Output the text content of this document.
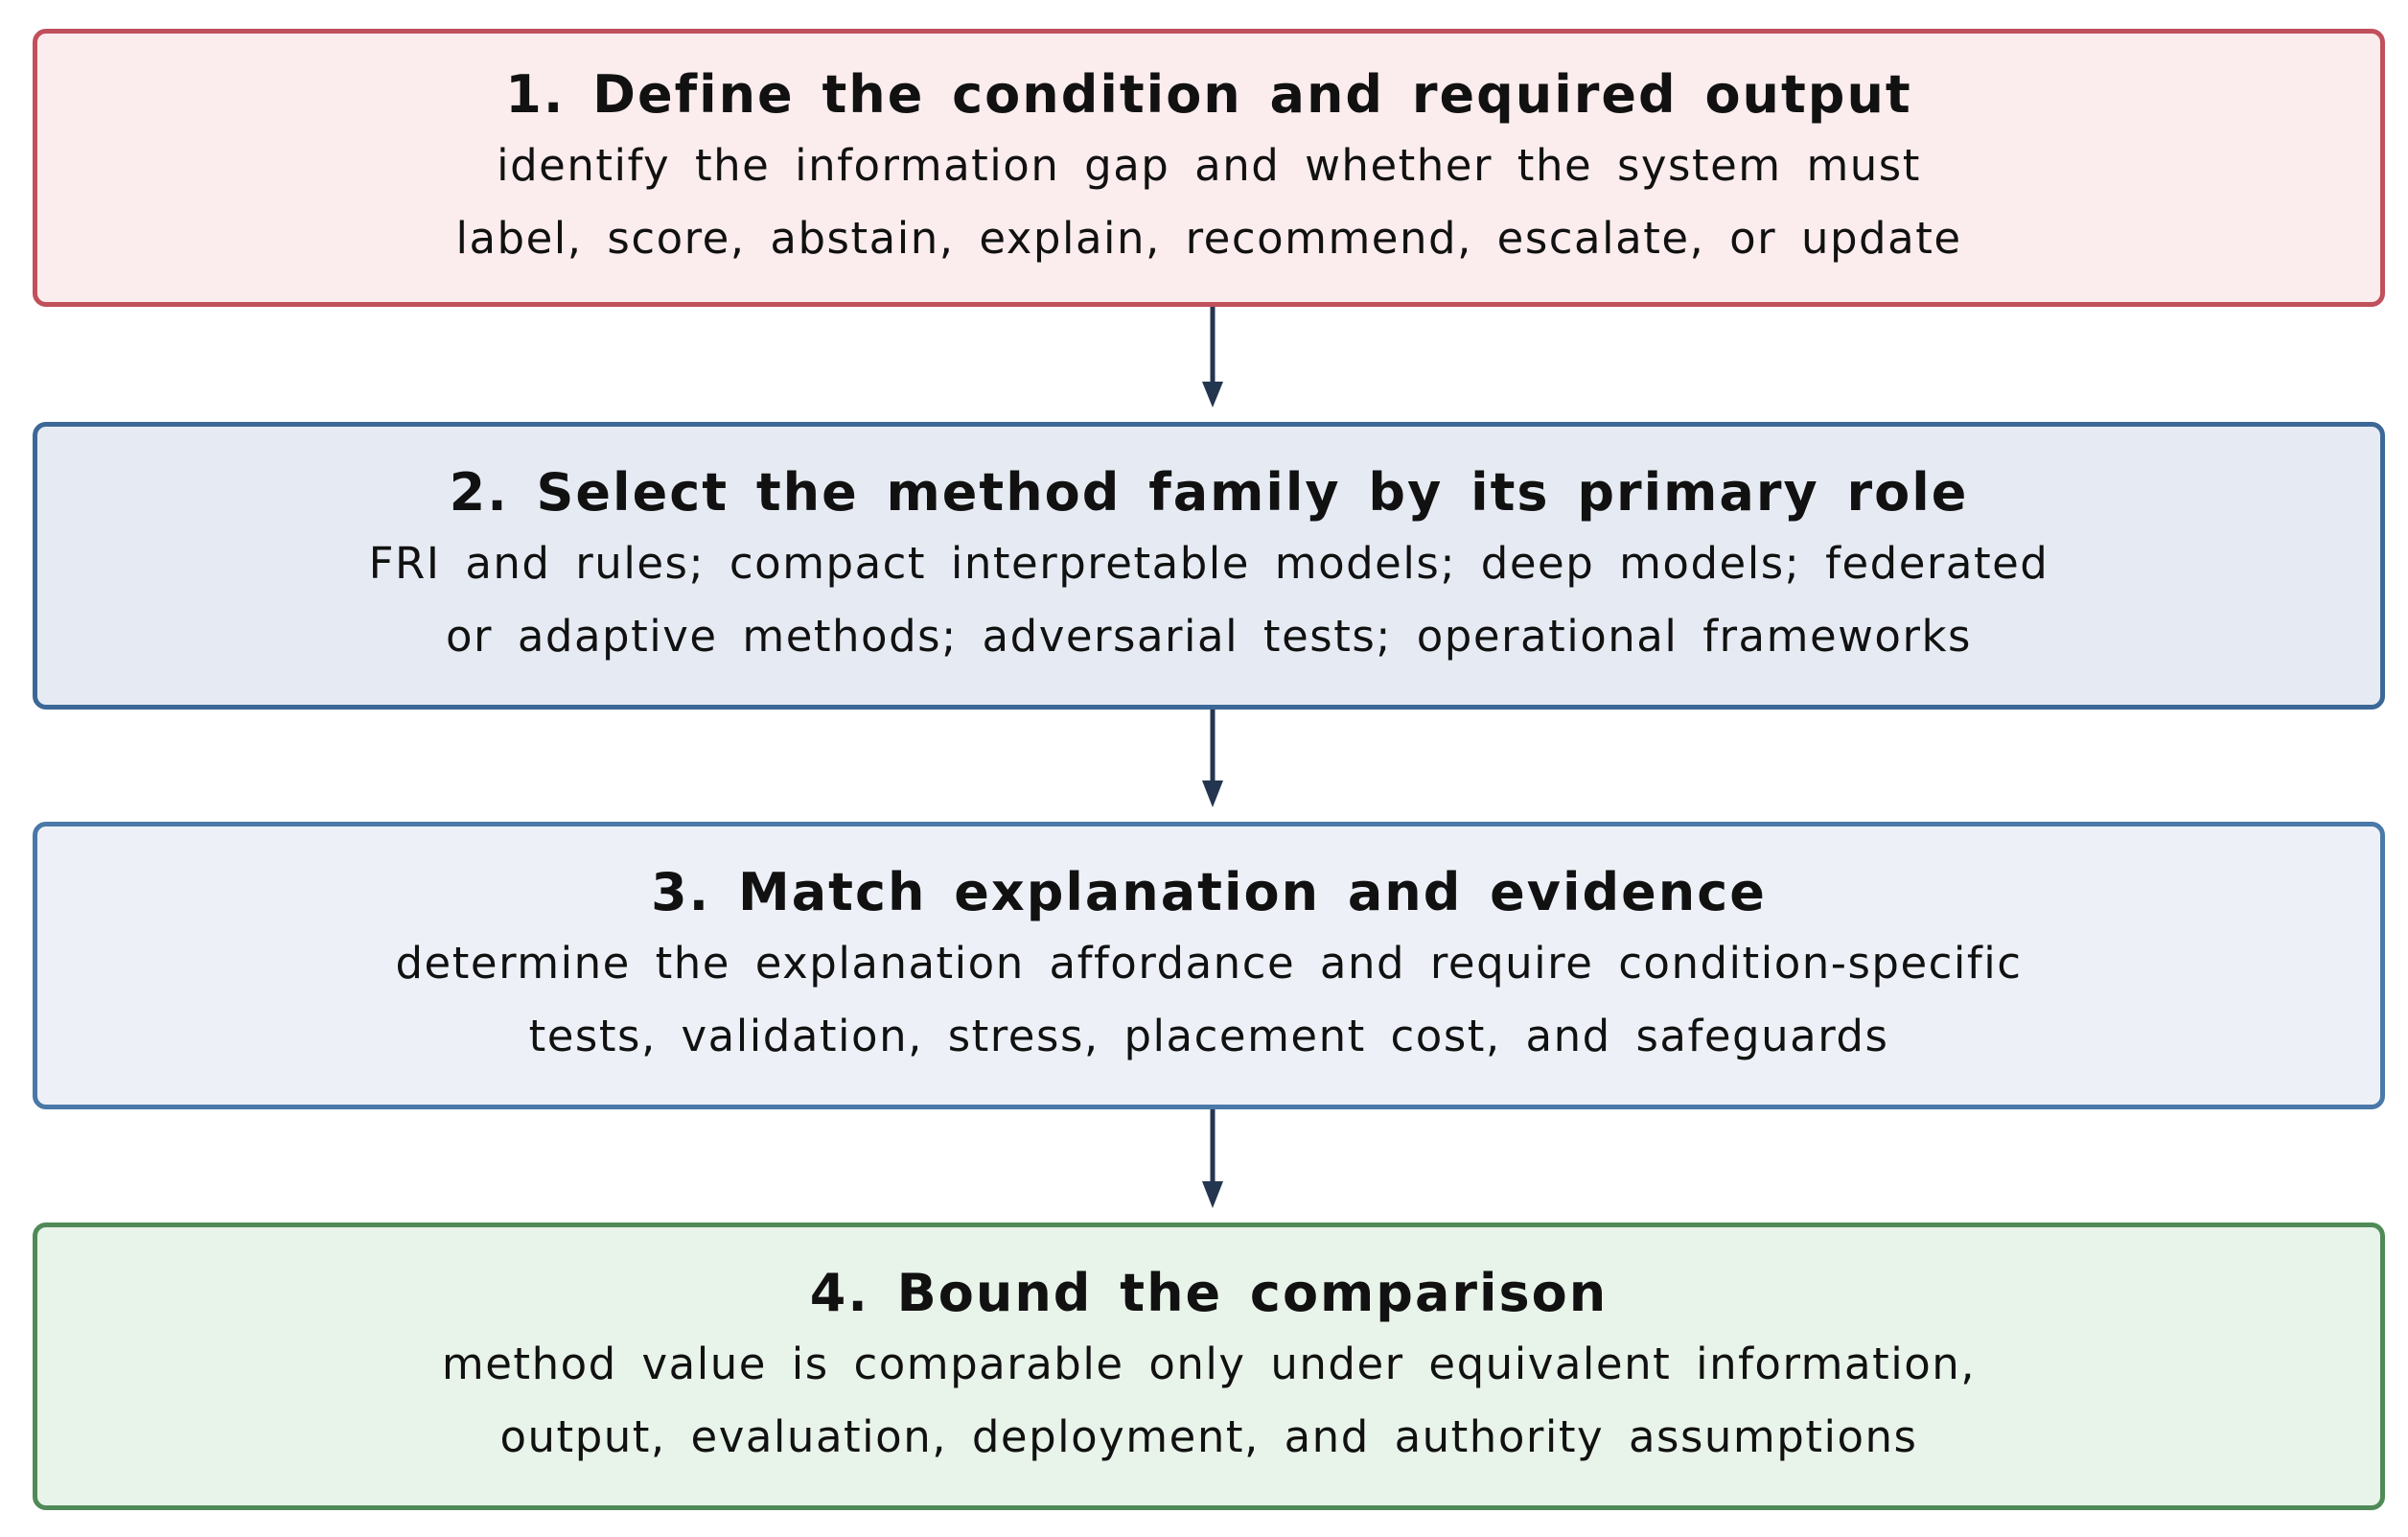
1. Define the condition and required output
identify the information gap and whether the system must
label, score, abstain, explain, recommend, escalate, or update
2. Select the method family by its primary role
FRI and rules; compact interpretable models; deep models; federated
or adaptive methods; adversarial tests; operational frameworks
3. Match explanation and evidence
determine the explanation affordance and require condition-specific
tests, validation, stress, placement cost, and safeguards
4. Bound the comparison
method value is comparable only under equivalent information,
output, evaluation, deployment, and authority assumptions
